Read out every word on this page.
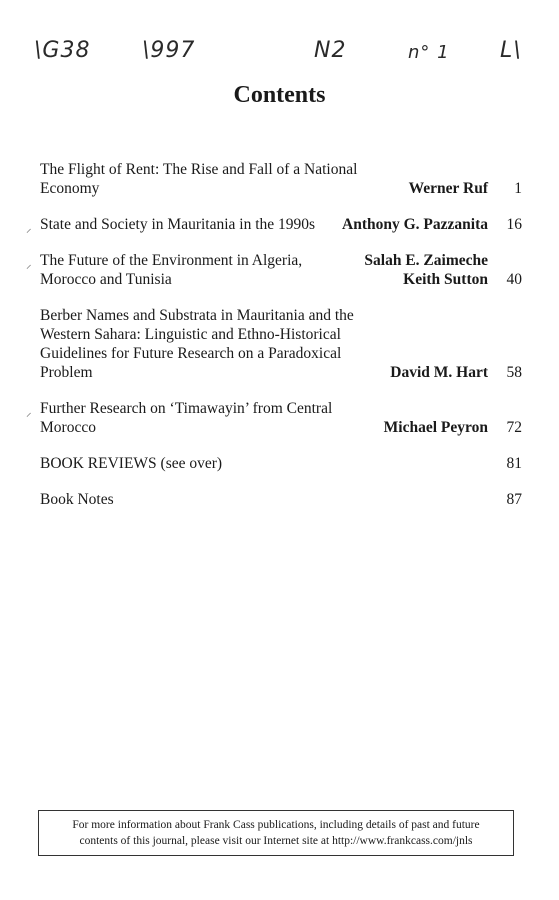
\G38 \997	N2	n° 1 L\
Contents
The Flight of Rent: The Rise and Fall of a National
Economy	Werner Ruf	1
⸝ State and Society in Mauritania in the 1990s	Anthony G. Pazzanita	16
⸝ The Future of the Environment in Algeria,	Salah E. Zaimeche
Morocco and Tunisia	Keith Sutton	40
Berber Names and Substrata in Mauritania and the
Western Sahara: Linguistic and Ethno-Historical
Guidelines for Future Research on a Paradoxical
Problem	David M. Hart	58
⸝ Further Research on ‘Timawayin’ from Central
Morocco	Michael Peyron	72
BOOK REVIEWS (see over)	81
Book Notes	87
For more information about Frank Cass publications, including details of past and future
contents of this journal, please visit our Internet site at http://www.frankcass.com/jnls
